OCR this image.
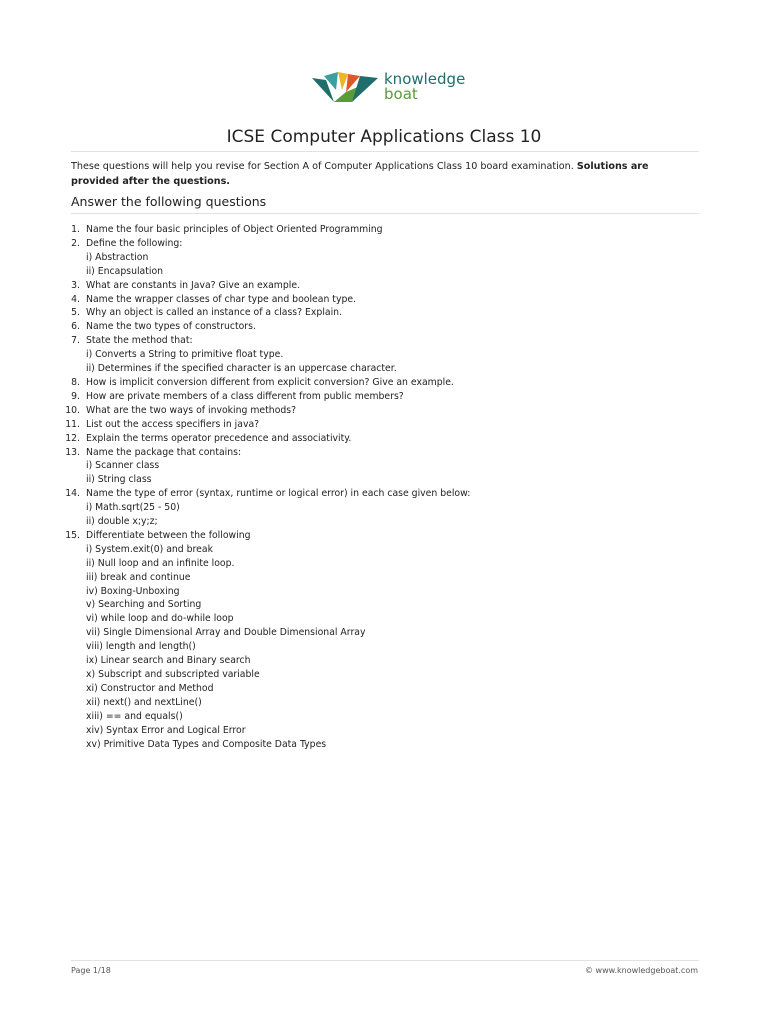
knowledge
boat
ICSE Computer Applications Class 10
These questions will help you revise for Section A of Computer Applications Class 10 board examination. Solutions are provided after the questions.
Answer the following questions
1. Name the four basic principles of Object Oriented Programming
2. Define the following:
i) Abstraction
ii) Encapsulation
3. What are constants in Java? Give an example.
4. Name the wrapper classes of char type and boolean type.
5. Why an object is called an instance of a class? Explain.
6. Name the two types of constructors.
7. State the method that:
i) Converts a String to primitive float type.
ii) Determines if the specified character is an uppercase character.
8. How is implicit conversion different from explicit conversion? Give an example.
9. How are private members of a class different from public members?
10. What are the two ways of invoking methods?
11. List out the access specifiers in java?
12. Explain the terms operator precedence and associativity.
13. Name the package that contains:
i) Scanner class
ii) String class
14. Name the type of error (syntax, runtime or logical error) in each case given below:
i) Math.sqrt(25 - 50)
ii) double x;y;z;
15. Differentiate between the following
i) System.exit(0) and break
ii) Null loop and an infinite loop.
iii) break and continue
iv) Boxing-Unboxing
v) Searching and Sorting
vi) while loop and do-while loop
vii) Single Dimensional Array and Double Dimensional Array
viii) length and length()
ix) Linear search and Binary search
x) Subscript and subscripted variable
xi) Constructor and Method
xii) next() and nextLine()
xiii) == and equals()
xiv) Syntax Error and Logical Error
xv) Primitive Data Types and Composite Data Types
Page 1/18	© www.knowledgeboat.com
